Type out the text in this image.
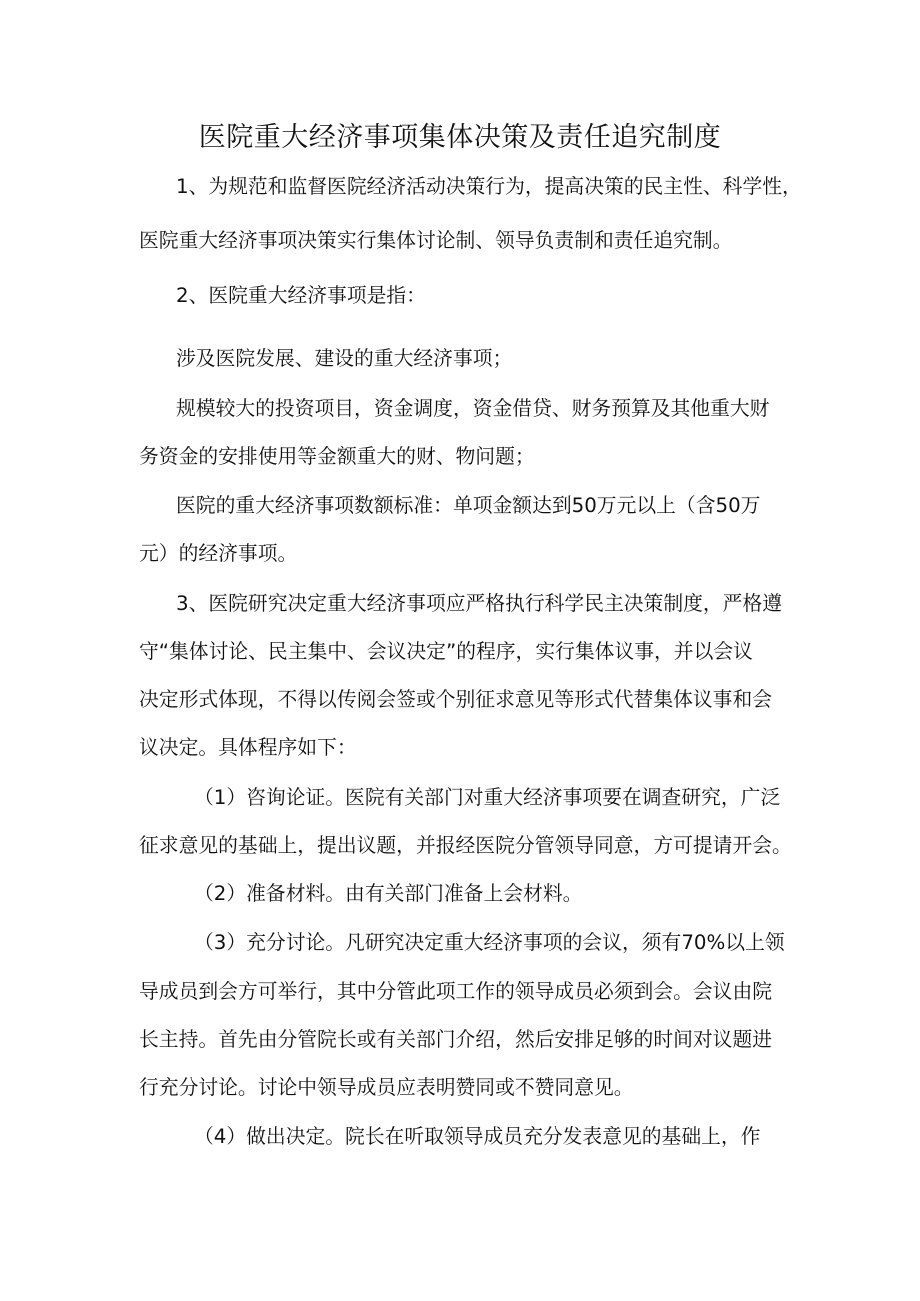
医院重大经济事项集体决策及责任追究制度
1、为规范和监督医院经济活动决策行为，提高决策的民主性、科学性，
医院重大经济事项决策实行集体讨论制、领导负责制和责任追究制。
2、医院重大经济事项是指：
涉及医院发展、建设的重大经济事项；
规模较大的投资项目，资金调度，资金借贷、财务预算及其他重大财
务资金的安排使用等金额重大的财、物问题；
医院的重大经济事项数额标准：单项金额达到50万元以上（含50万
元）的经济事项。
3、医院研究决定重大经济事项应严格执行科学民主决策制度，严格遵
守“集体讨论、民主集中、会议决定”的程序，实行集体议事，并以会议
决定形式体现，不得以传阅会签或个别征求意见等形式代替集体议事和会
议决定。具体程序如下：
（1）咨询论证。医院有关部门对重大经济事项要在调查研究，广泛
征求意见的基础上，提出议题，并报经医院分管领导同意，方可提请开会。
（2）准备材料。由有关部门准备上会材料。
（3）充分讨论。凡研究决定重大经济事项的会议，须有70%以上领
导成员到会方可举行，其中分管此项工作的领导成员必须到会。会议由院
长主持。首先由分管院长或有关部门介绍，然后安排足够的时间对议题进
行充分讨论。讨论中领导成员应表明赞同或不赞同意见。
（4）做出决定。院长在听取领导成员充分发表意见的基础上，作
